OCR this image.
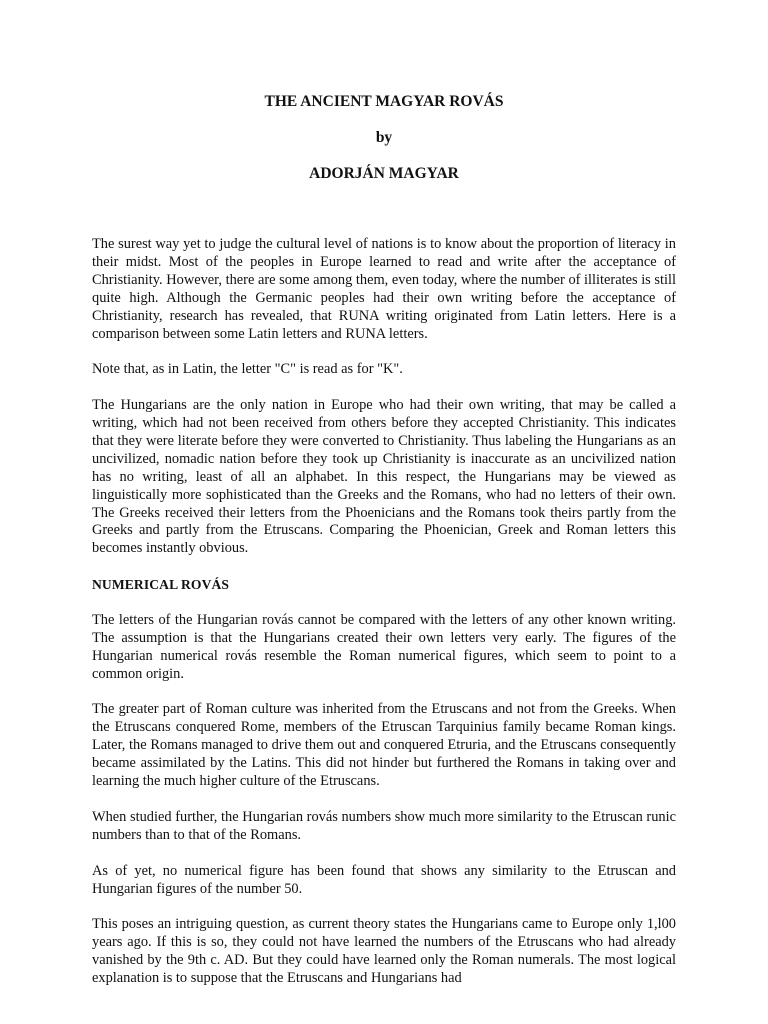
THE ANCIENT MAGYAR ROVÁS
by
ADORJÁN MAGYAR

The surest way yet to judge the cultural level of nations is to know about the proportion of literacy in their midst. Most of the peoples in Europe learned to read and write after the acceptance of Christianity. However, there are some among them, even today, where the number of illiterates is still quite high. Although the Germanic peoples had their own writing before the acceptance of Christianity, research has revealed, that RUNA writing originated from Latin letters. Here is a comparison between some Latin letters and RUNA letters.

Note that, as in Latin, the letter "C" is read as for "K".

The Hungarians are the only nation in Europe who had their own writing, that may be called a writing, which had not been received from others before they accepted Christianity. This indicates that they were literate before they were converted to Christianity. Thus labeling the Hungarians as an uncivilized, nomadic nation before they took up Christianity is inaccurate as an uncivilized nation has no writing, least of all an alphabet. In this respect, the Hungarians may be viewed as linguistically more sophisticated than the Greeks and the Romans, who had no letters of their own. The Greeks received their letters from the Phoenicians and the Romans took theirs partly from the Greeks and partly from the Etruscans. Comparing the Phoenician, Greek and Roman letters this becomes instantly obvious.

NUMERICAL ROVÁS

The letters of the Hungarian rovás cannot be compared with the letters of any other known writing. The assumption is that the Hungarians created their own letters very early. The figures of the Hungarian numerical rovás resemble the Roman numerical figures, which seem to point to a common origin.

The greater part of Roman culture was inherited from the Etruscans and not from the Greeks. When the Etruscans conquered Rome, members of the Etruscan Tarquinius family became Roman kings. Later, the Romans managed to drive them out and conquered Etruria, and the Etruscans consequently became assimilated by the Latins. This did not hinder but furthered the Romans in taking over and learning the much higher culture of the Etruscans.

When studied further, the Hungarian rovás numbers show much more similarity to the Etruscan runic numbers than to that of the Romans.

As of yet, no numerical figure has been found that shows any similarity to the Etruscan and Hungarian figures of the number 50.

This poses an intriguing question, as current theory states the Hungarians came to Europe only 1,l00 years ago. If this is so, they could not have learned the numbers of the Etruscans who had already vanished by the 9th c. AD. But they could have learned only the Roman numerals. The most logical explanation is to suppose that the Etruscans and Hungarians had
